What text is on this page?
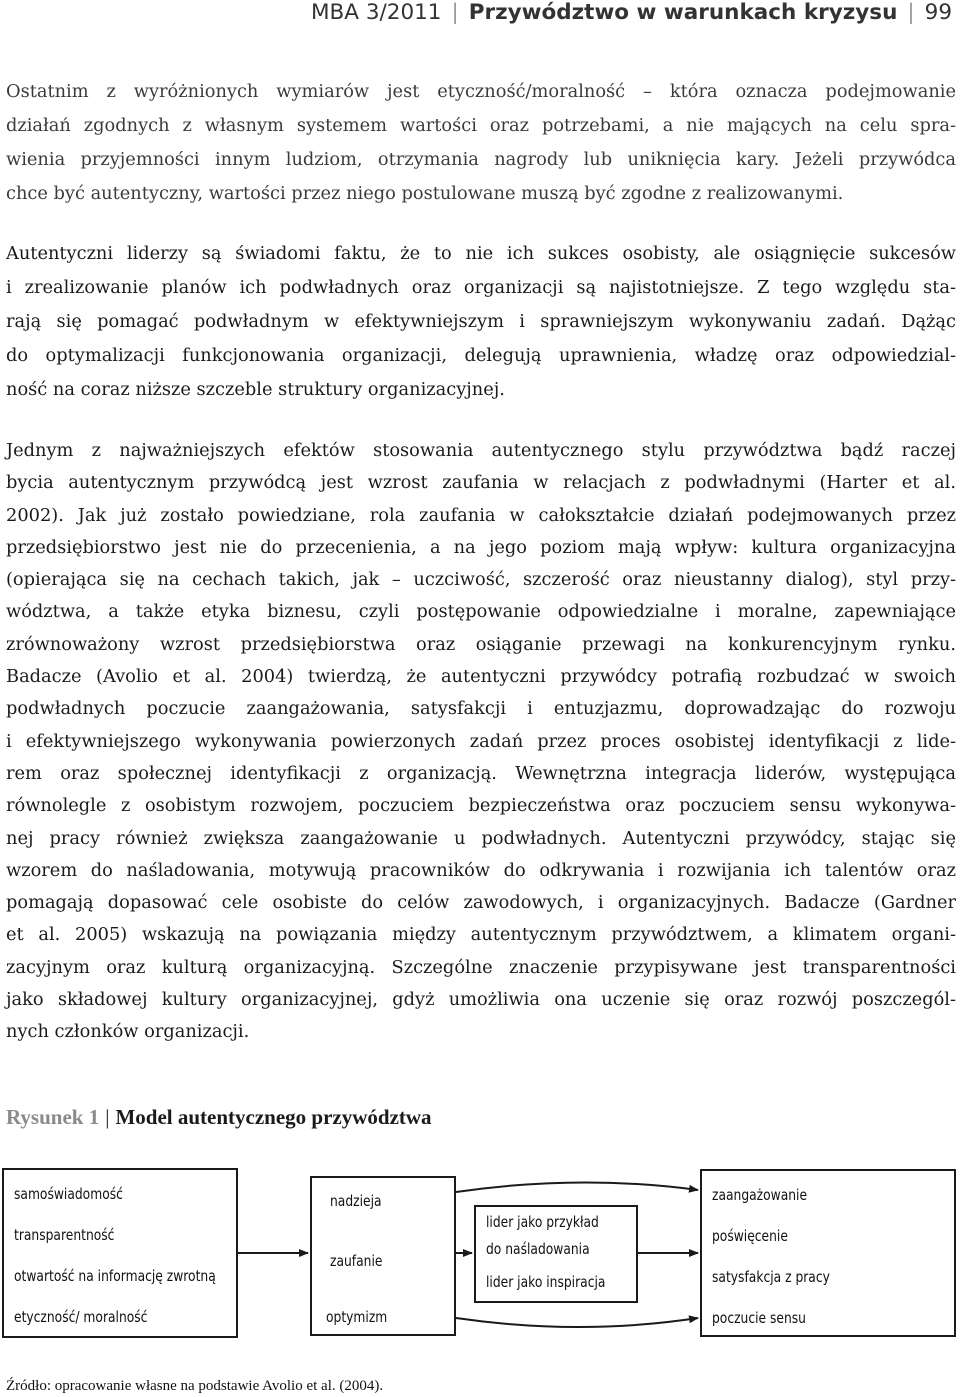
MBA 3/2011 | Przywództwo w warunkach kryzysu | 99
Ostatnim z wyróżnionych wymiarów jest etyczność/moralność – która oznacza podejmowanie
działań zgodnych z własnym systemem wartości oraz potrzebami, a nie mających na celu spra-
wienia przyjemności innym ludziom, otrzymania nagrody lub uniknięcia kary. Jeżeli przywódca
chce być autentyczny, wartości przez niego postulowane muszą być zgodne z realizowanymi.
Autentyczni liderzy są świadomi faktu, że to nie ich sukces osobisty, ale osiągnięcie sukcesów
i zrealizowanie planów ich podwładnych oraz organizacji są najistotniejsze. Z tego względu sta-
rają się pomagać podwładnym w efektywniejszym i sprawniejszym wykonywaniu zadań. Dążąc
do optymalizacji funkcjonowania organizacji, delegują uprawnienia, władzę oraz odpowiedzial-
ność na coraz niższe szczeble struktury organizacyjnej.
Jednym z najważniejszych efektów stosowania autentycznego stylu przywództwa bądź raczej
bycia autentycznym przywódcą jest wzrost zaufania w relacjach z podwładnymi (Harter et al.
2002). Jak już zostało powiedziane, rola zaufania w całokształcie działań podejmowanych przez
przedsiębiorstwo jest nie do przecenienia, a na jego poziom mają wpływ: kultura organizacyjna
(opierająca się na cechach takich, jak – uczciwość, szczerość oraz nieustanny dialog), styl przy-
wództwa, a także etyka biznesu, czyli postępowanie odpowiedzialne i moralne, zapewniające
zrównoważony wzrost przedsiębiorstwa oraz osiąganie przewagi na konkurencyjnym rynku.
Badacze (Avolio et al. 2004) twierdzą, że autentyczni przywódcy potrafią rozbudzać w swoich
podwładnych poczucie zaangażowania, satysfakcji i entuzjazmu, doprowadzając do rozwoju
i efektywniejszego wykonywania powierzonych zadań przez proces osobistej identyfikacji z lide-
rem oraz społecznej identyfikacji z organizacją. Wewnętrzna integracja liderów, występująca
równolegle z osobistym rozwojem, poczuciem bezpieczeństwa oraz poczuciem sensu wykonywa-
nej pracy również zwiększa zaangażowanie u podwładnych. Autentyczni przywódcy, stając się
wzorem do naśladowania, motywują pracowników do odkrywania i rozwijania ich talentów oraz
pomagają dopasować cele osobiste do celów zawodowych, i organizacyjnych. Badacze (Gardner
et al. 2005) wskazują na powiązania między autentycznym przywództwem, a klimatem organi-
zacyjnym oraz kulturą organizacyjną. Szczególne znaczenie przypisywane jest transparentności
jako składowej kultury organizacyjnej, gdyż umożliwia ona uczenie się oraz rozwój poszczegól-
nych członków organizacji.
Rysunek 1 | Model autentycznego przywództwa
samoświadomość
transparentność
otwartość na informację zwrotną
etyczność/ moralność
nadzieja
zaufanie
optymizm
lider jako przykład
do naśladowania
lider jako inspiracja
zaangażowanie
poświęcenie
satysfakcja z pracy
poczucie sensu
Źródło: opracowanie własne na podstawie Avolio et al. (2004).
